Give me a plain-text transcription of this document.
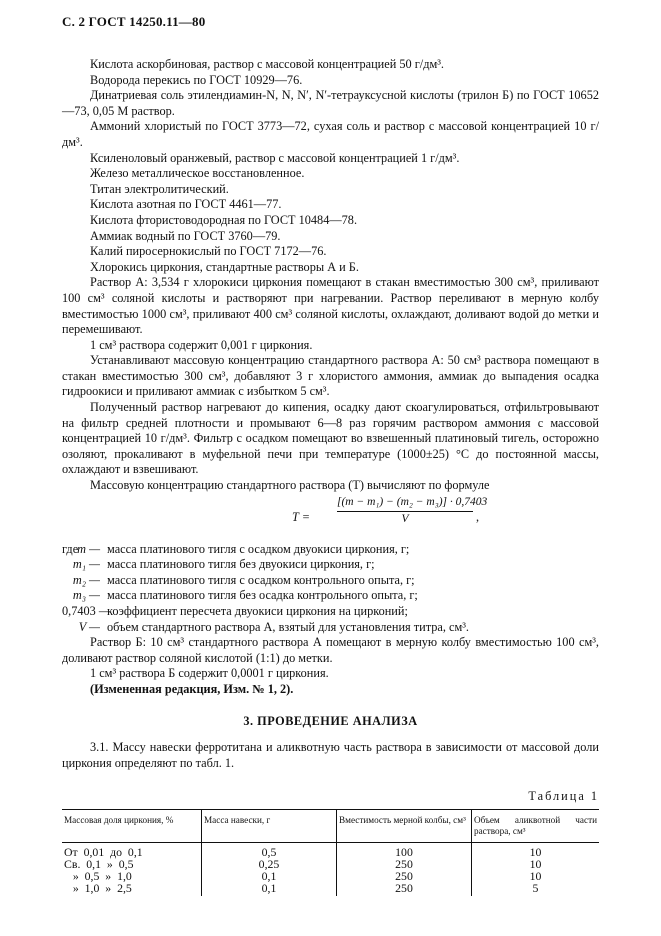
С. 2 ГОСТ 14250.11—80

Кислота аскорбиновая, раствор с массовой концентрацией 50 г/дм³.

Водорода перекись по ГОСТ 10929—76.

Динатриевая соль этилендиамин-N, N, N′, N′-тетрауксусной кислоты (трилон Б) по ГОСТ 10652—73, 0,05 М раствор.

Аммоний хлористый по ГОСТ 3773—72, сухая соль и раствор с массовой концентрацией 10 г/дм³.

Ксиленоловый оранжевый, раствор с массовой концентрацией 1 г/дм³.

Железо металлическое восстановленное.

Титан электролитический.

Кислота азотная по ГОСТ 4461—77.

Кислота фтористоводородная по ГОСТ 10484—78.

Аммиак водный по ГОСТ 3760—79.

Калий пиросернокислый по ГОСТ 7172—76.

Хлорокись циркония, стандартные растворы А и Б.

Раствор А: 3,534 г хлорокиси циркония помещают в стакан вместимостью 300 см³, приливают 100 см³ соляной кислоты и растворяют при нагревании. Раствор переливают в мерную колбу вместимостью 1000 см³, приливают 400 см³ соляной кислоты, охлаждают, доливают водой до метки и перемешивают.

1 см³ раствора содержит 0,001 г циркония.

Устанавливают массовую концентрацию стандартного раствора А: 50 см³ раствора помещают в стакан вместимостью 300 см³, добавляют 3 г хлористого аммония, аммиак до выпадения осадка гидроокиси и приливают аммиак с избытком 5 см³.

Полученный раствор нагревают до кипения, осадку дают скоагулироваться, отфильтровывают на фильтр средней плотности и промывают 6—8 раз горячим раствором аммония с массовой концентрацией 10 г/дм³. Фильтр с осадком помещают во взвешенный платиновый тигель, осторожно озоляют, прокаливают в муфельной печи при температуре (1000±25) °С до постоянной массы, охлаждают и взвешивают.

Массовую концентрацию стандартного раствора (T) вычисляют по формуле

$T = \frac{\text{[(m − m₁) − (m₂ − m₃)] · 0,7403}}{V}$ ,
где
m — масса платинового тигля с осадком двуокиси циркония, г;
m₁ — масса платинового тигля без двуокиси циркония, г;
m₂ — масса платинового тигля с осадком контрольного опыта, г;
m₃ — масса платинового тигля без осадка контрольного опыта, г;
0,7403 —
коэффициент пересчета двуокиси циркония на цирконий;
V — объем стандартного раствора А, взятый для установления титра, см³.

Раствор Б: 10 см³ стандартного раствора А помещают в мерную колбу вместимостью 100 см³, доливают раствор соляной кислотой (1:1) до метки.

1 см³ раствора Б содержит 0,0001 г циркония.

(Измененная редакция, Изм. № 1, 2).

3. ПРОВЕДЕНИЕ АНАЛИЗА

3.1. Массу навески ферротитана и аликвотную часть раствора в зависимости от массовой доли циркония определяют по табл. 1.

Таблица 1
Массовая доля циркония, %	Масса навески, г	Вместимость мерной колбы, см³	Объем аликвотной части раствора, см³
От  0,01  до  0,1	0,5	100	10
Св.  0,1  »  0,5	0,25	250	10
»  0,5  »  1,0	0,1	250	10
»  1,0  »  2,5	0,1	250	5
